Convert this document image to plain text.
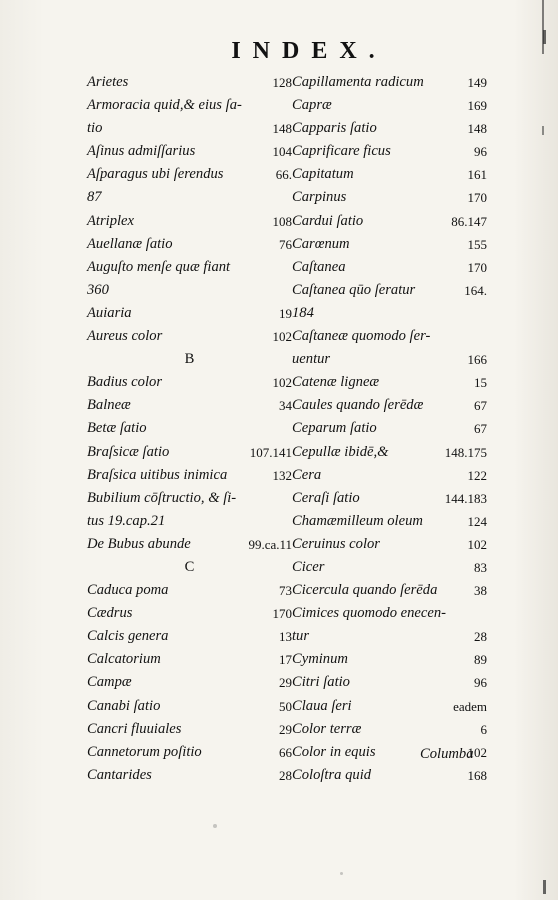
INDEX.
Arietes	128
Armoracia quid,& eius ſa-
tio	148
Aſinus admiſſarius	104
Aſparagus ubi ſerendus	66.
87
Atriplex	108
Auellanæ ſatio	76
Auguſto menſe quæ fiant
360
Auiaria	19
Aureus color	102
B
Badius color	102
Balneæ	34
Betæ ſatio
Braſsicæ ſatio	107.141
Braſsica uitibus inimica	132
Bubilium cōſtructio, & ſi-
tus 19.cap.21
De Bubus abunde	99.ca.11
C
Caduca poma	73
Cædrus	170
Calcis genera	13
Calcatorium	17
Campæ	29
Canabi ſatio	50
Cancri fluuiales	29
Cannetorum poſitio	66
Cantarides	28
Capillamenta radicum	149
Capræ	169
Capparis ſatio	148
Caprificare ficus	96
Capitatum	161
Carpinus	170
Cardui ſatio	86.147
Carœnum	155
Caſtanea	170
Caſtanea qūo ſeratur	164.
184
Caſtaneæ quomodo ſer-
uentur	166
Catenæ ligneæ	15
Caules quando ſerēdæ	67
Ceparum ſatio	67
Cepullæ ibidē,&	148.175
Cera	122
Ceraſi ſatio	144.183
Chamæmilleum oleum	124
Ceruinus color	102
Cicer	83
Cicercula quando ſerēda	38
Cimices quomodo enecen-
tur	28
Cyminum	89
Citri ſatio	96
Claua ſeri	eadem
Color terræ	6
Color in equis	102
Coloſtra quid	168
Columba
